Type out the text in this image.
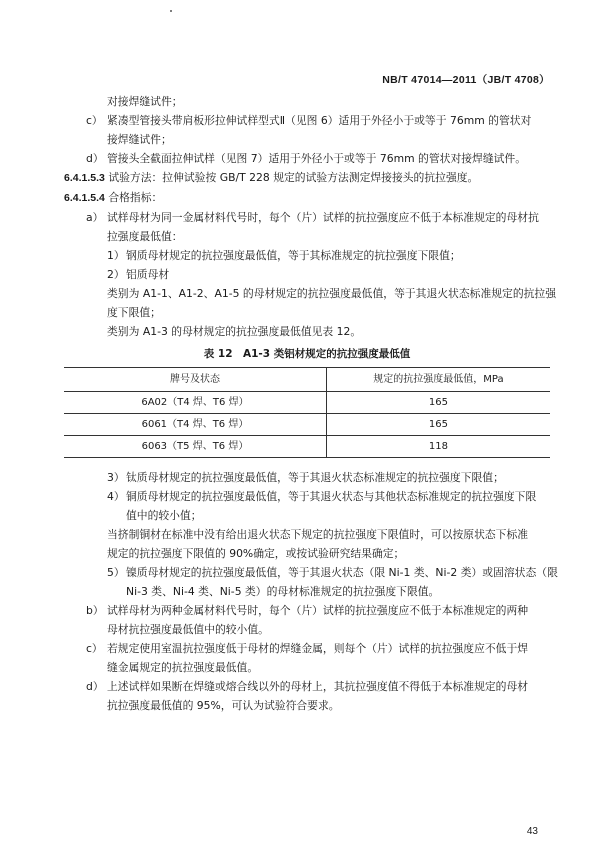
NB/T 47014—2011（JB/T 4708）
对接焊缝试件；
c） 紧凑型管接头带肩板形拉伸试样型式Ⅱ（见图 6）适用于外径小于或等于 76mm 的管状对
接焊缝试件；
d） 管接头全截面拉伸试样（见图 7）适用于外径小于或等于 76mm 的管状对接焊缝试件。
6.4.1.5.3 试验方法：拉伸试验按 GB/T 228 规定的试验方法测定焊接接头的抗拉强度。
6.4.1.5.4 合格指标：
a） 试样母材为同一金属材料代号时，每个（片）试样的抗拉强度应不低于本标准规定的母材抗
拉强度最低值：
1） 钢质母材规定的抗拉强度最低值，等于其标准规定的抗拉强度下限值；
2） 铝质母材
类别为 A1-1、A1-2、A1-5 的母材规定的抗拉强度最低值，等于其退火状态标准规定的抗拉强
度下限值；
类别为 A1-3 的母材规定的抗拉强度最低值见表 12。
表 12　A1-3 类铝材规定的抗拉强度最低值
牌号及状态	规定的抗拉强度最低值，MPa
6A02（T4 焊、T6 焊）	165
6061（T4 焊、T6 焊）	165
6063（T5 焊、T6 焊）	118
3） 钛质母材规定的抗拉强度最低值，等于其退火状态标准规定的抗拉强度下限值；
4） 铜质母材规定的抗拉强度最低值，等于其退火状态与其他状态标准规定的抗拉强度下限
值中的较小值；
当挤制铜材在标准中没有给出退火状态下规定的抗拉强度下限值时，可以按原状态下标准
规定的抗拉强度下限值的 90%确定，或按试验研究结果确定；
5） 镍质母材规定的抗拉强度最低值，等于其退火状态（限 Ni-1 类、Ni-2 类）或固溶状态（限
Ni-3 类、Ni-4 类、Ni-5 类）的母材标准规定的抗拉强度下限值。
b） 试样母材为两种金属材料代号时，每个（片）试样的抗拉强度应不低于本标准规定的两种
母材抗拉强度最低值中的较小值。
c） 若规定使用室温抗拉强度低于母材的焊缝金属，则每个（片）试样的抗拉强度应不低于焊
缝金属规定的抗拉强度最低值。
d） 上述试样如果断在焊缝或熔合线以外的母材上，其抗拉强度值不得低于本标准规定的母材
抗拉强度最低值的 95%，可认为试验符合要求。
43
